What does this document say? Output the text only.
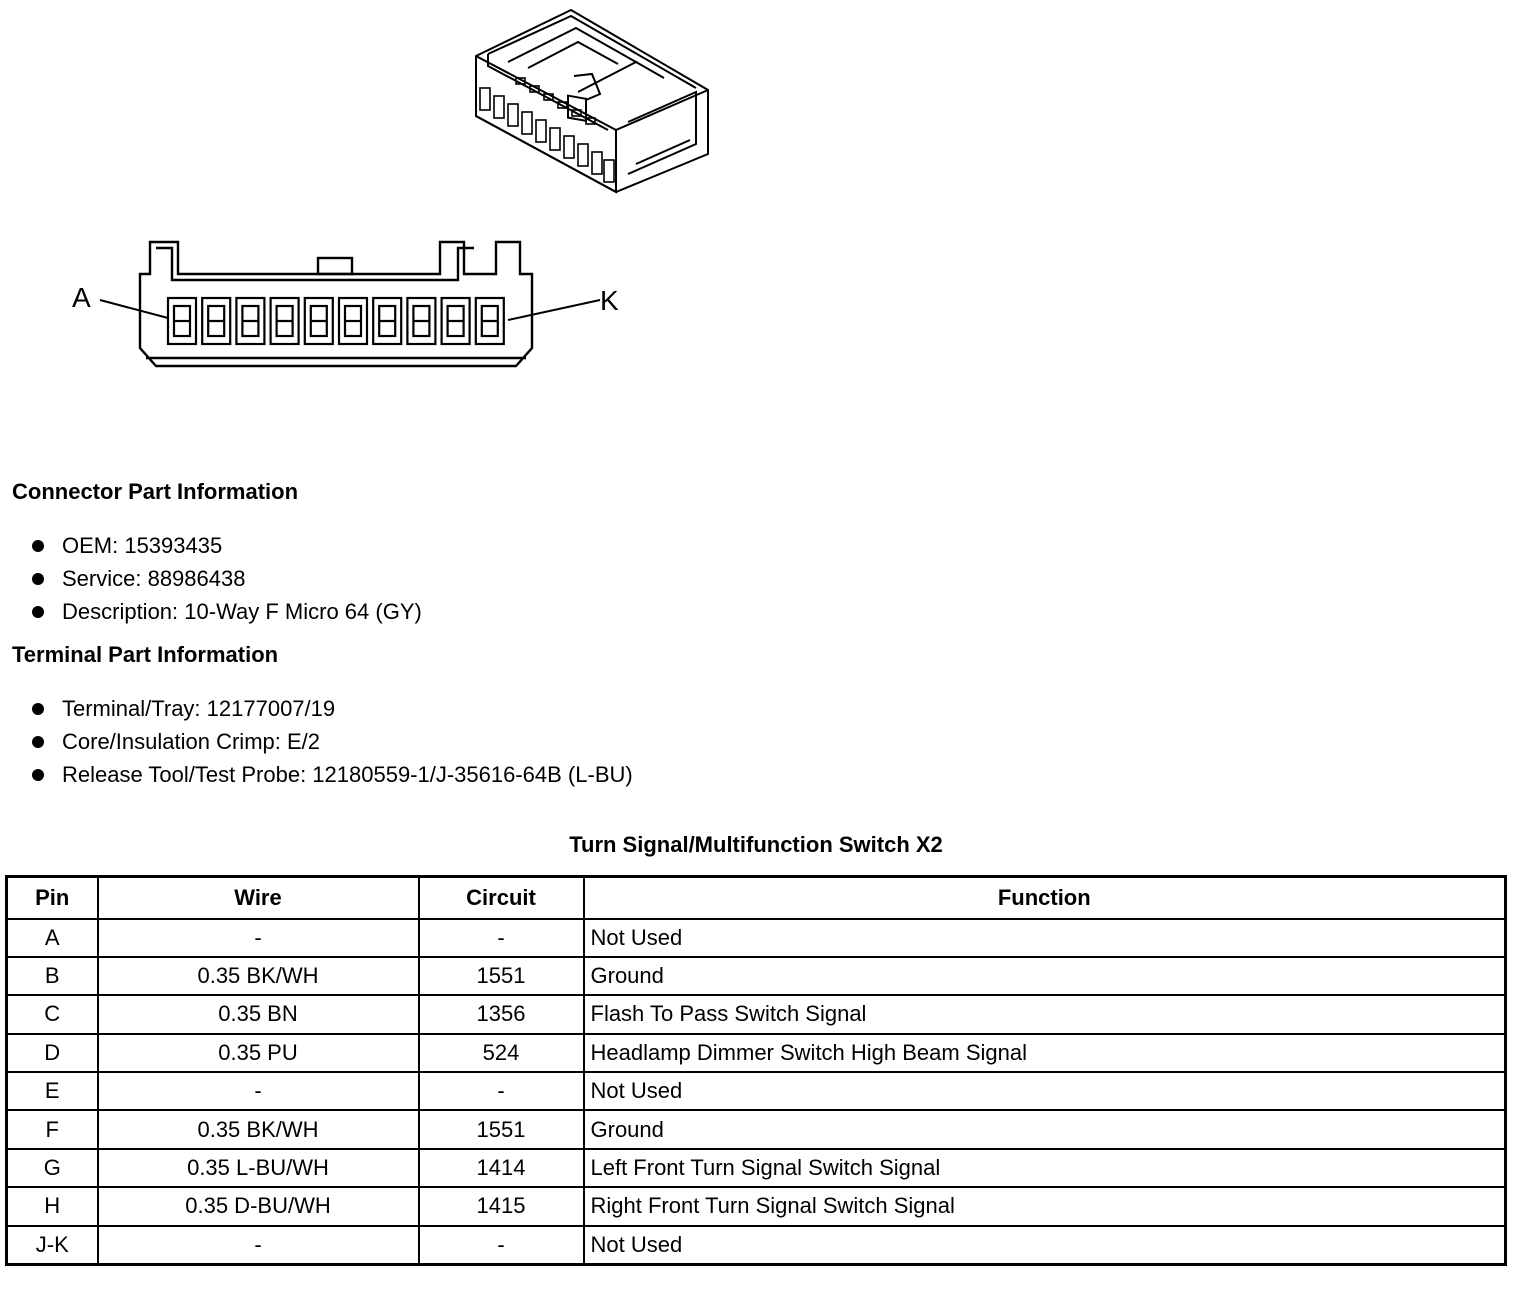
A	K
Connector Part Information
OEM: 15393435
Service: 88986438
Description: 10-Way F Micro 64 (GY)
Terminal Part Information
Terminal/Tray: 12177007/19
Core/Insulation Crimp: E/2
Release Tool/Test Probe: 12180559-1/J-35616-64B (L-BU)
Turn Signal/Multifunction Switch X2
Pin	Wire	Circuit	Function
A	-	-	Not Used
B	0.35 BK/WH	1551	Ground
C	0.35 BN	1356	Flash To Pass Switch Signal
D	0.35 PU	524	Headlamp Dimmer Switch High Beam Signal
E	-	-	Not Used
F	0.35 BK/WH	1551	Ground
G	0.35 L-BU/WH	1414	Left Front Turn Signal Switch Signal
H	0.35 D-BU/WH	1415	Right Front Turn Signal Switch Signal
J-K	-	-	Not Used
